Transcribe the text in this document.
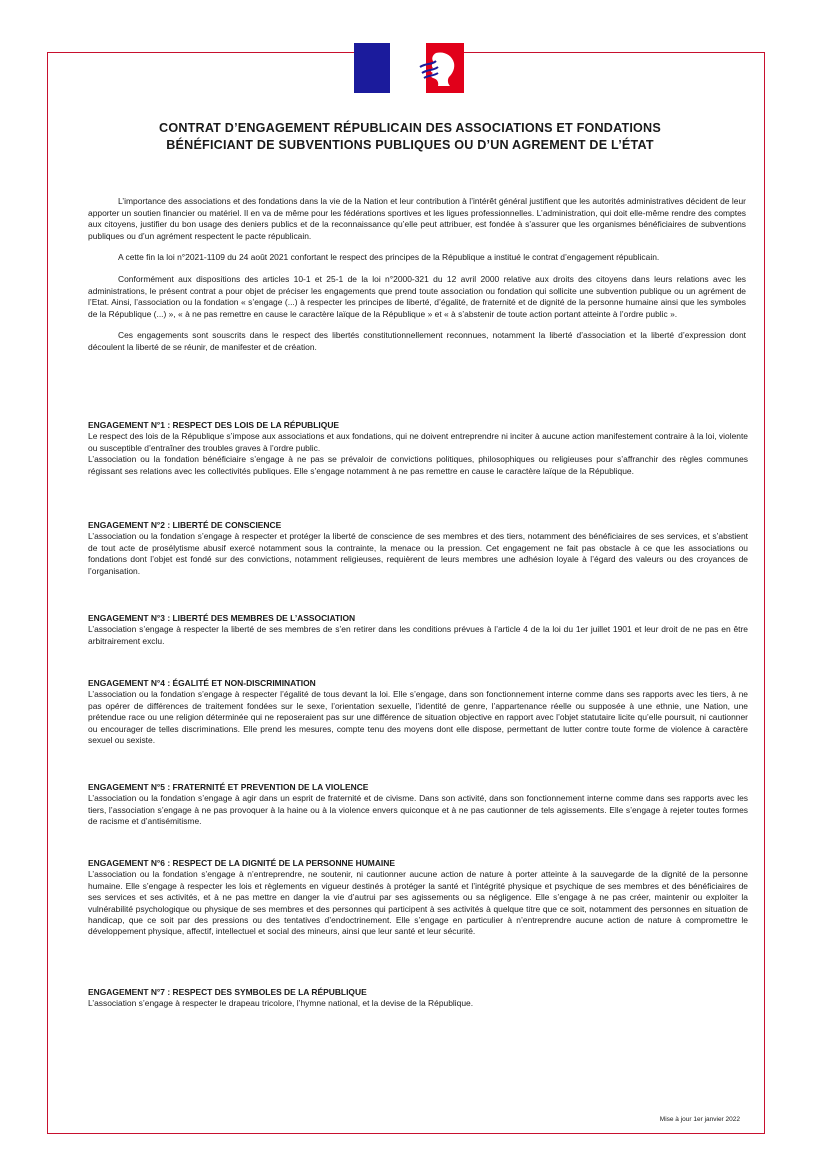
CONTRAT D’ENGAGEMENT RÉPUBLICAIN DES ASSOCIATIONS ET FONDATIONS
BÉNÉFICIANT DE SUBVENTIONS PUBLIQUES OU D’UN AGREMENT DE L’ÉTAT

L’importance des associations et des fondations dans la vie de la Nation et leur contribution à l’intérêt général justifient que les autorités administratives décident de leur apporter un soutien financier ou matériel. Il en va de même pour les fédérations sportives et les ligues professionnelles. L’administration, qui doit elle-même rendre des comptes aux citoyens, justifier du bon usage des deniers publics et de la reconnaissance qu’elle peut attribuer, est fondée à s’assurer que les organismes bénéficiaires de subventions publiques ou d’un agrément respectent le pacte républicain.

A cette fin la loi n°2021-1109 du 24 août 2021 confortant le respect des principes de la République a institué le contrat d’engagement républicain.

Conformément aux dispositions des articles 10-1 et 25-1 de la loi n°2000-321 du 12 avril 2000 relative aux droits des citoyens dans leurs relations avec les administrations, le présent contrat a pour objet de préciser les engagements que prend toute association ou fondation qui sollicite une subvention publique ou un agrément de l’Etat. Ainsi, l’association ou la fondation « s’engage (...) à respecter les principes de liberté, d’égalité, de fraternité et de dignité de la personne humaine ainsi que les symboles de la République (...) », « à ne pas remettre en cause le caractère laïque de la République » et « à s’abstenir de toute action portant atteinte à l’ordre public ».

Ces engagements sont souscrits dans le respect des libertés constitutionnellement reconnues, notamment la liberté d’association et la liberté d’expression dont découlent la liberté de se réunir, de manifester et de création.

ENGAGEMENT N°1 : RESPECT DES LOIS DE LA RÉPUBLIQUE

Le respect des lois de la République s’impose aux associations et aux fondations, qui ne doivent entreprendre ni inciter à aucune action manifestement contraire à la loi, violente ou susceptible d’entraîner des troubles graves à l’ordre public.

L’association ou la fondation bénéficiaire s’engage à ne pas se prévaloir de convictions politiques, philosophiques ou religieuses pour s’affranchir des règles communes régissant ses relations avec les collectivités publiques. Elle s’engage notamment à ne pas remettre en cause le caractère laïque de la République.

ENGAGEMENT N°2 : LIBERTÉ DE CONSCIENCE

L’association ou la fondation s’engage à respecter et protéger la liberté de conscience de ses membres et des tiers, notamment des bénéficiaires de ses services, et s’abstient de tout acte de prosélytisme abusif exercé notamment sous la contrainte, la menace ou la pression. Cet engagement ne fait pas obstacle à ce que les associations ou fondations dont l’objet est fondé sur des convictions, notamment religieuses, requièrent de leurs membres une adhésion loyale à l’égard des valeurs ou des croyances de l’organisation.

ENGAGEMENT N°3 : LIBERTÉ DES MEMBRES DE L’ASSOCIATION

L’association s’engage à respecter la liberté de ses membres de s’en retirer dans les conditions prévues à l’article 4 de la loi du 1er juillet 1901 et leur droit de ne pas en être arbitrairement exclu.

ENGAGEMENT N°4 : ÉGALITÉ ET NON-DISCRIMINATION

L’association ou la fondation s’engage à respecter l’égalité de tous devant la loi. Elle s’engage, dans son fonctionnement interne comme dans ses rapports avec les tiers, à ne pas opérer de différences de traitement fondées sur le sexe, l’orientation sexuelle, l’identité de genre, l’appartenance réelle ou supposée à une ethnie, une Nation, une prétendue race ou une religion déterminée qui ne reposeraient pas sur une différence de situation objective en rapport avec l’objet statutaire licite qu’elle poursuit, ni cautionner ou encourager de telles discriminations. Elle prend les mesures, compte tenu des moyens dont elle dispose, permettant de lutter contre toute forme de violence à caractère sexuel ou sexiste.

ENGAGEMENT N°5 : FRATERNITÉ ET PREVENTION DE LA VIOLENCE

L’association ou la fondation s’engage à agir dans un esprit de fraternité et de civisme. Dans son activité, dans son fonctionnement interne comme dans ses rapports avec les tiers, l’association s’engage à ne pas provoquer à la haine ou à la violence envers quiconque et à ne pas cautionner de tels agissements. Elle s’engage à rejeter toutes formes de racisme et d’antisémitisme.

ENGAGEMENT N°6 : RESPECT DE LA DIGNITÉ DE LA PERSONNE HUMAINE

L’association ou la fondation s’engage à n’entreprendre, ne soutenir, ni cautionner aucune action de nature à porter atteinte à la sauvegarde de la dignité de la personne humaine. Elle s’engage à respecter les lois et règlements en vigueur destinés à protéger la santé et l’intégrité physique et psychique de ses membres et des bénéficiaires de ses services et ses activités, et à ne pas mettre en danger la vie d’autrui par ses agissements ou sa négligence. Elle s’engage à ne pas créer, maintenir ou exploiter la vulnérabilité psychologique ou physique de ses membres et des personnes qui participent à ses activités à quelque titre que ce soit, notamment des personnes en situation de handicap, que ce soit par des pressions ou des tentatives d’endoctrinement. Elle s’engage en particulier à n’entreprendre aucune action de nature à compromettre le développement physique, affectif, intellectuel et social des mineurs, ainsi que leur santé et leur sécurité.

ENGAGEMENT N°7 : RESPECT DES SYMBOLES DE LA RÉPUBLIQUE

L’association s’engage à respecter le drapeau tricolore, l’hymne national, et la devise de la République.

Mise à jour 1er janvier 2022
